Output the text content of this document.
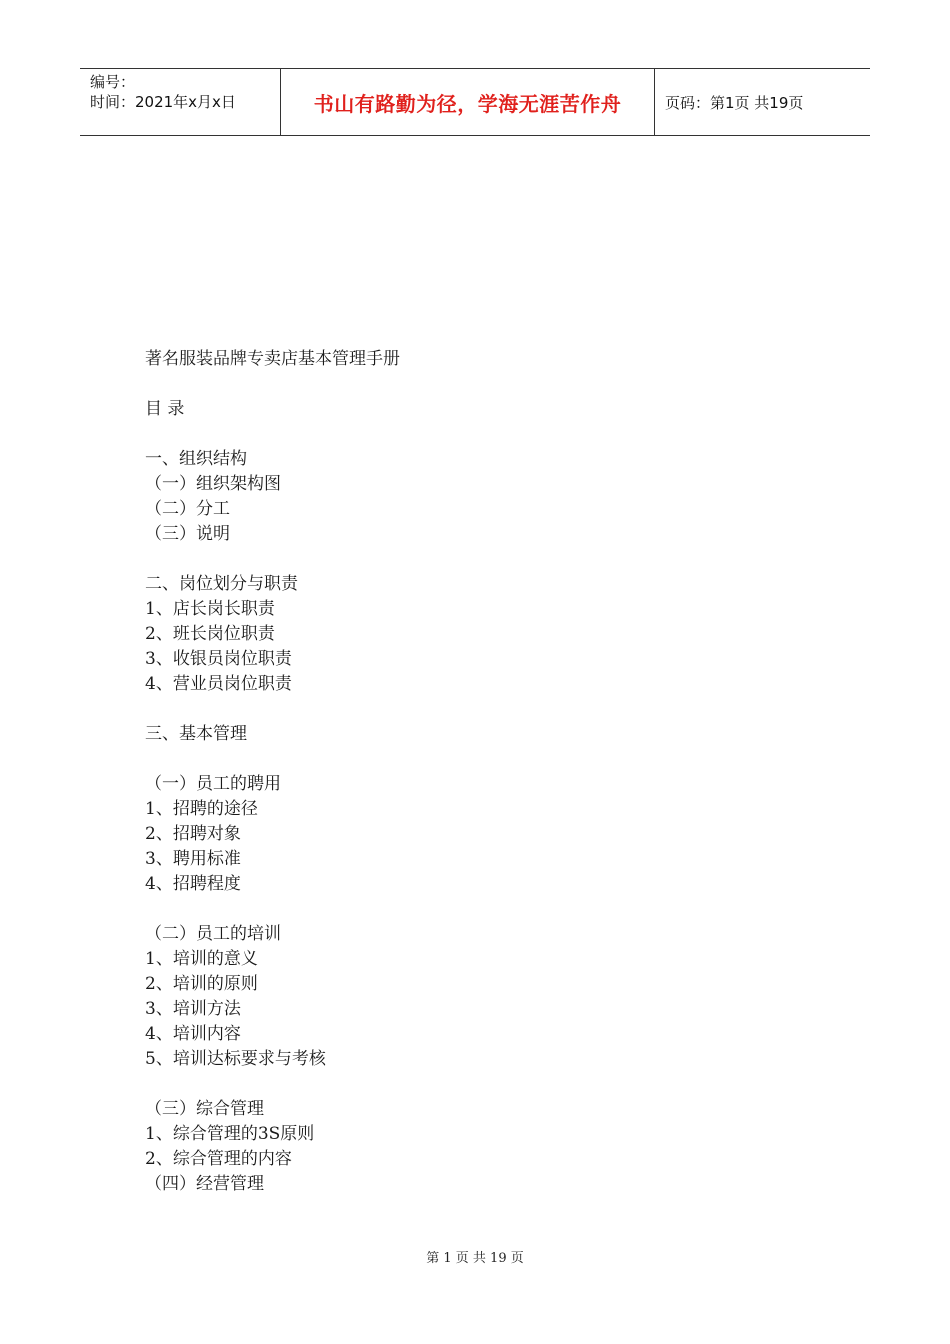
编号：
时间：2021年x月x日	书山有路勤为径，学海无涯苦作舟	页码：第1页 共19页
著名服装品牌专卖店基本管理手册
目 录
一、组织结构
（一）组织架构图
（二）分工
（三）说明
二、岗位划分与职责
1、店长岗长职责
2、班长岗位职责
3、收银员岗位职责
4、营业员岗位职责
三、基本管理
（一）员工的聘用
1、招聘的途径
2、招聘对象
3、聘用标准
4、招聘程度
（二）员工的培训
1、培训的意义
2、培训的原则
3、培训方法
4、培训内容
5、培训达标要求与考核
（三）综合管理
1、综合管理的3S原则
2、综合管理的内容
（四）经营管理
第 1 页 共 19 页
